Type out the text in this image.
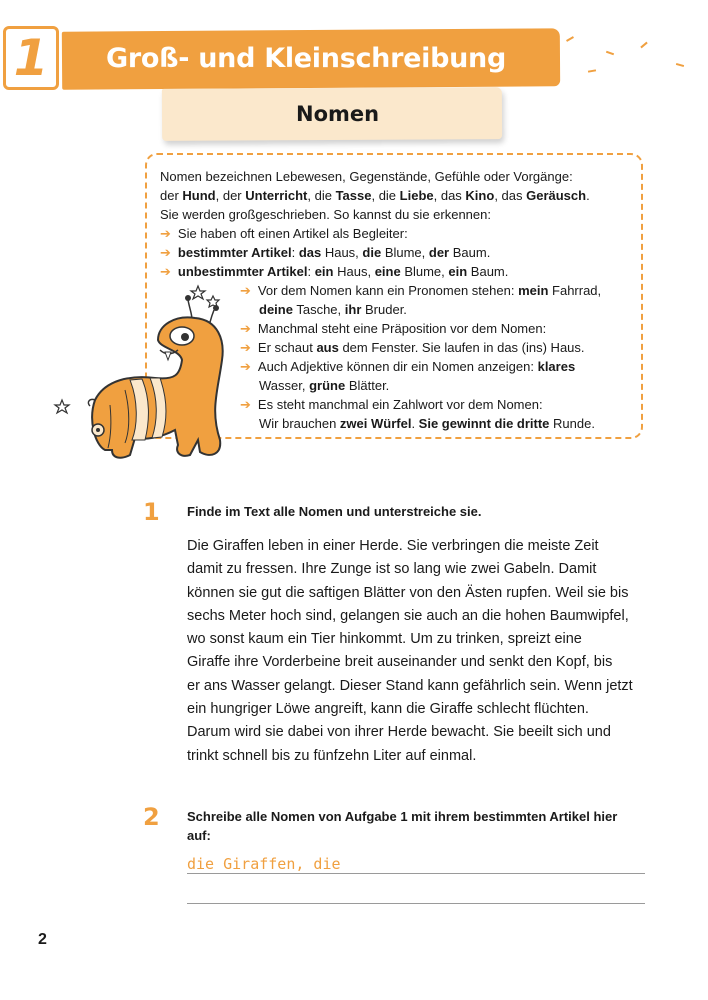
1 Groß- und Kleinschreibung
Nomen
Nomen bezeichnen Lebewesen, Gegenstände, Gefühle oder Vorgänge:
der Hund, der Unterricht, die Tasse, die Liebe, das Kino, das Geräusch.
Sie werden großgeschrieben. So kannst du sie erkennen:
➔ Sie haben oft einen Artikel als Begleiter:
➔ bestimmter Artikel: das Haus, die Blume, der Baum.
➔ unbestimmter Artikel: ein Haus, eine Blume, ein Baum.
➔ Vor dem Nomen kann ein Pronomen stehen: mein Fahrrad,
deine Tasche, ihr Bruder.
➔ Manchmal steht eine Präposition vor dem Nomen:
➔ Er schaut aus dem Fenster. Sie laufen in das (ins) Haus.
➔ Auch Adjektive können dir ein Nomen anzeigen: klares
Wasser, grüne Blätter.
➔ Es steht manchmal ein Zahlwort vor dem Nomen:
Wir brauchen zwei Würfel. Sie gewinnt die dritte Runde.
1 Finde im Text alle Nomen und unterstreiche sie.

Die Giraffen leben in einer Herde. Sie verbringen die meiste Zeit

damit zu fressen. Ihre Zunge ist so lang wie zwei Gabeln. Damit

können sie gut die saftigen Blätter von den Ästen rupfen. Weil sie bis

sechs Meter hoch sind, gelangen sie auch an die hohen Baumwipfel,

wo sonst kaum ein Tier hinkommt. Um zu trinken, spreizt eine

Giraffe ihre Vorderbeine breit auseinander und senkt den Kopf, bis

er ans Wasser gelangt. Dieser Stand kann gefährlich sein. Wenn jetzt

ein hungriger Löwe angreift, kann die Giraffe schlecht flüchten.

Darum wird sie dabei von ihrer Herde bewacht. Sie beeilt sich und

trinkt schnell bis zu fünfzehn Liter auf einmal.

2 Schreibe alle Nomen von Aufgabe 1 mit ihrem bestimmten Artikel hier
auf:
die Giraffen, die
2
